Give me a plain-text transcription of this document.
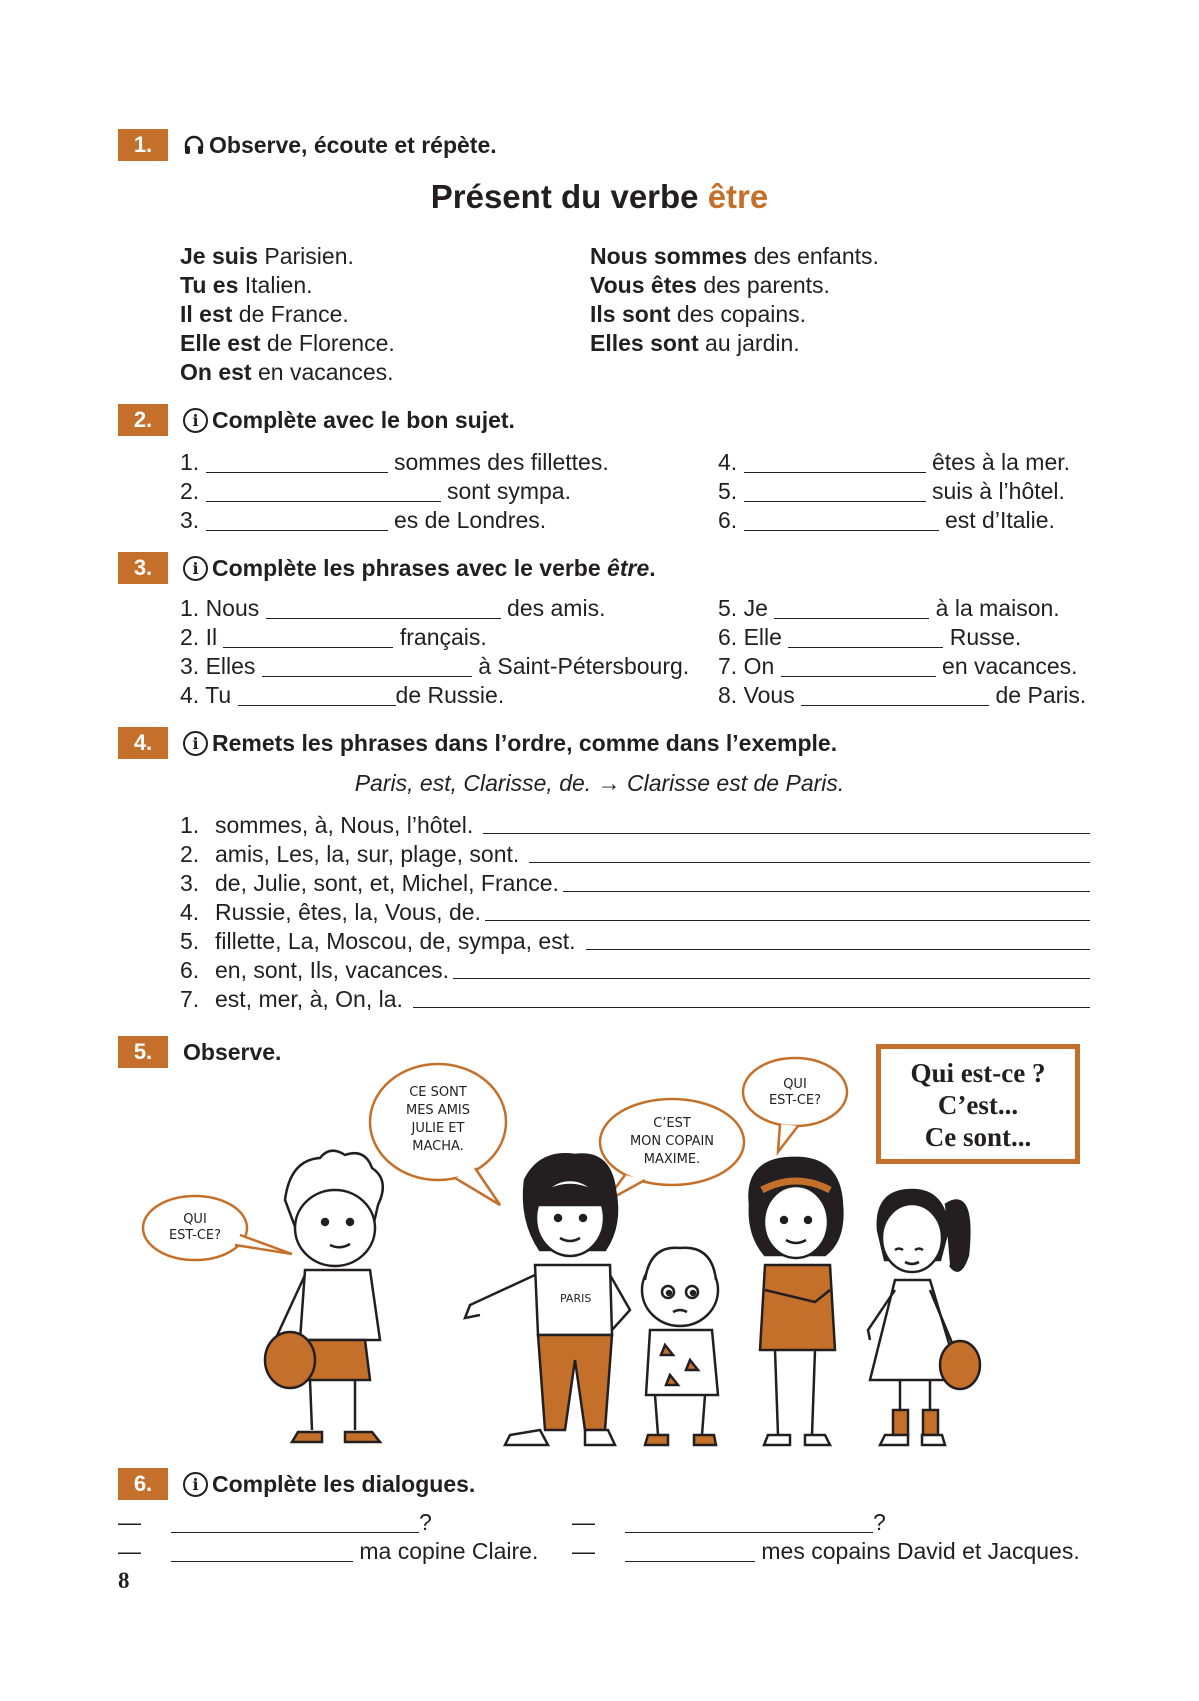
1.	Observe, écoute et répète.
Présent du verbe être
Je suis Parisien.
Tu es Italien.
Il est de France.
Elle est de Florence.
On est en vacances.
Nous sommes des enfants.
Vous êtes des parents.
Ils sont des copains.
Elles sont au jardin.
2.	i Complète avec le bon sujet.
1.	sommes des fillettes.
2.	sont sympa.
3.	es de Londres.
4.	êtes à la mer.
5.	suis à l’hôtel.
6.	est d’Italie.
3.	i Complète les phrases avec le verbe être.
1. Nous	des amis.
2. Il	français.
3. Elles	à Saint-Pétersbourg.
4. Tu	de Russie.
5. Je	à la maison.
6. Elle	Russe.
7. On	en vacances.
8. Vous	de Paris.
4.	i Remets les phrases dans l’ordre, comme dans l’exemple.
Paris, est, Clarisse, de. → Clarisse est de Paris.
1. sommes, à, Nous, l’hôtel.
2. amis, Les, la, sur, plage, sont.
3. de, Julie, sont, et, Michel, France.
4. Russie, êtes, la, Vous, de.
5. fillette, La, Moscou, de, sympa, est.
6. en, sont, Ils, vacances.
7. est, mer, à, On, la.
5.	Observe.
Qui est-ce ?
C’est...
Ce sont...
QUI
EST-CE?
CE SONT
MES AMIS
JULIE ET
MACHA.
C’EST
MON COPAIN
MAXIME.
QUI
EST-CE?
PARIS
6.	i Complète les dialogues.
—	?
—	ma copine Claire.
—	?
—	mes copains David et Jacques.
8
